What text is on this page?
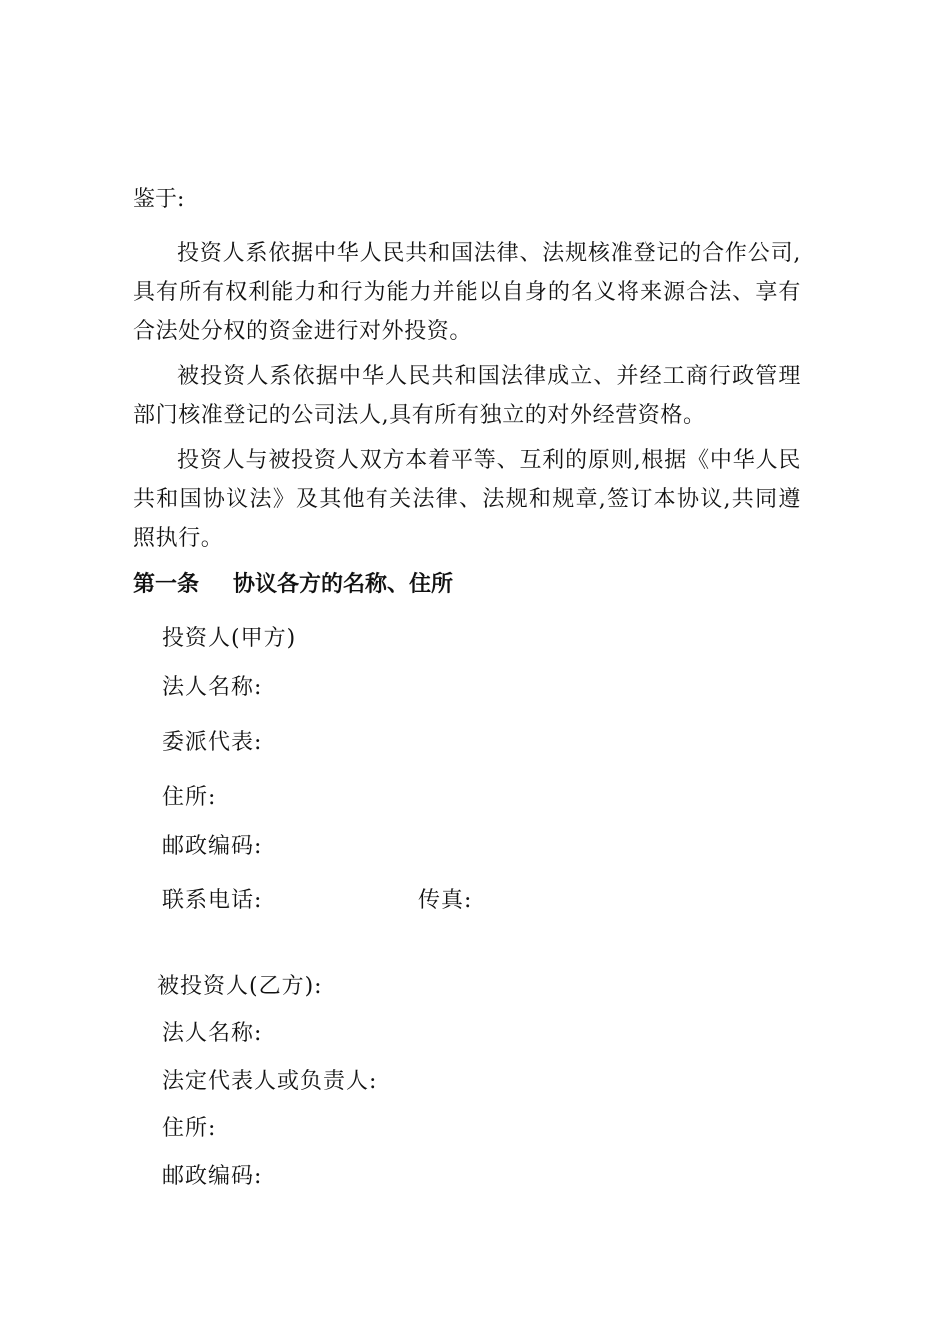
鉴于:
投资人系依据中华人民共和国法律、法规核准登记的合作公司,具有所有权利能力和行为能力并能以自身的名义将来源合法、享有合法处分权的资金进行对外投资。
被投资人系依据中华人民共和国法律成立、并经工商行政管理部门核准登记的公司法人,具有所有独立的对外经营资格。
投资人与被投资人双方本着平等、互利的原则,根据《中华人民共和国协议法》及其他有关法律、法规和规章,签订本协议,共同遵照执行。
第一条 协议各方的名称、住所
投资人(甲方)
法人名称:
委派代表:
住所:
邮政编码:
联系电话:	传真:
被投资人(乙方):
法人名称:
法定代表人或负责人:
住所:
邮政编码:
